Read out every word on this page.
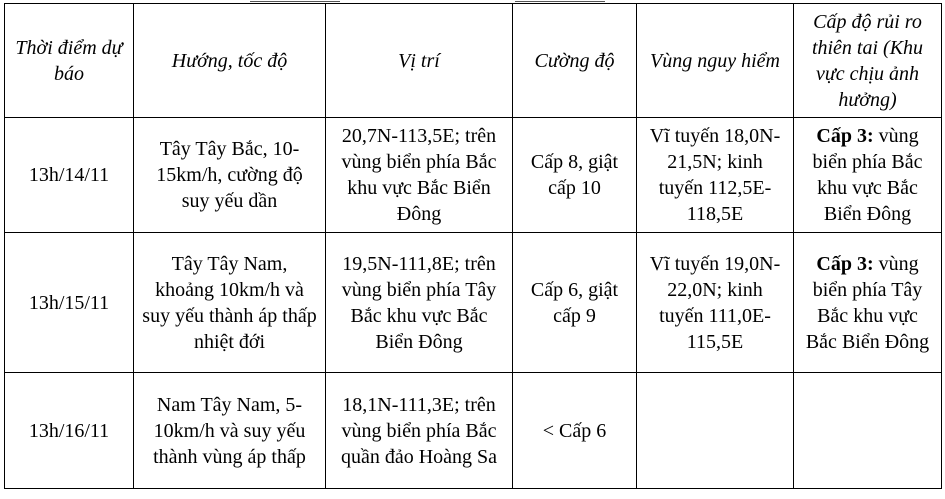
Thời điểm dự báo	Hướng, tốc độ	Vị trí	Cường độ	Vùng nguy hiểm	Cấp độ rủi ro thiên tai (Khu vực chịu ảnh hưởng)
13h/14/11	Tây Tây Bắc, 10-15km/h, cường độ suy yếu dần	20,7N-113,5E; trên vùng biển phía Bắc khu vực Bắc Biển Đông	Cấp 8, giật cấp 10	Vĩ tuyến 18,0N-21,5N; kinh tuyến 112,5E-118,5E	Cấp 3: vùng biển phía Bắc khu vực Bắc Biển Đông
13h/15/11	Tây Tây Nam, khoảng 10km/h và suy yếu thành áp thấp nhiệt đới	19,5N-111,8E; trên vùng biển phía Tây Bắc khu vực Bắc Biển Đông	Cấp 6, giật cấp 9	Vĩ tuyến 19,0N-22,0N; kinh tuyến 111,0E-115,5E	Cấp 3: vùng biển phía Tây Bắc khu vực Bắc Biển Đông
13h/16/11	Nam Tây Nam, 5-10km/h và suy yếu thành vùng áp thấp	18,1N-111,3E; trên vùng biển phía Bắc quần đảo Hoàng Sa	< Cấp 6		
